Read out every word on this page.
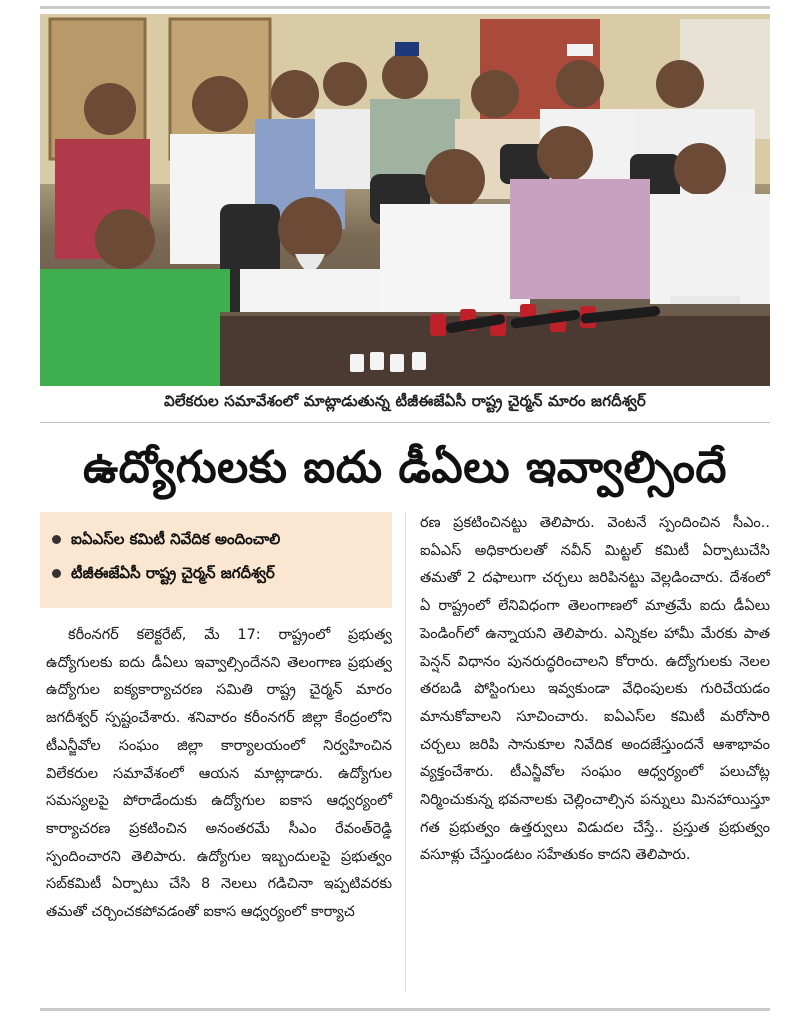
విలేకరుల సమావేశంలో మాట్లాడుతున్న టీజీఈజేఏసీ రాష్ట్ర చైర్మన్ మారం జగదీశ్వర్
ఉద్యోగులకు ఐదు డీఏలు ఇవ్వాల్సిందే
ఐఏఎస్‌ల కమిటీ నివేదిక అందించాలి
టీజీఈజేఏసీ రాష్ట్ర చైర్మన్ జగదీశ్వర్

కరీంనగర్ కలెక్టరేట్, మే 17: రాష్ట్రంలో ప్రభుత్వ ఉద్యోగులకు ఐదు డీఏలు ఇవ్వాల్సిందేనని తెలంగాణ ప్రభుత్వ ఉద్యోగుల ఐక్యకార్యాచరణ సమితి రాష్ట్ర చైర్మన్ మారం జగదీశ్వర్ స్పష్టంచేశారు. శనివారం కరీంనగర్ జిల్లా కేంద్రంలోని టీఎన్జీవోల సంఘం జిల్లా కార్యాలయంలో నిర్వహించిన విలేకరుల సమావేశంలో ఆయన మాట్లాడారు. ఉద్యోగుల సమస్యలపై పోరాడేందుకు ఉద్యోగుల ఐకాస ఆధ్వర్యంలో కార్యాచరణ ప్రకటించిన అనంతరమే సీఎం రేవంత్‌రెడ్డి స్పందించారని తెలిపారు. ఉద్యోగుల ఇబ్బందులపై ప్రభుత్వం సబ్‌కమిటీ ఏర్పాటు చేసి 8 నెలలు గడిచినా ఇప్పటివరకు తమతో చర్చించకపోవడంతో ఐకాస ఆధ్వర్యంలో కార్యాచ

రణ ప్రకటించినట్టు తెలిపారు. వెంటనే స్పందించిన సీఎం.. ఐఏఎస్ అధికారులతో నవీన్ మిట్టల్ కమిటీ ఏర్పాటుచేసి తమతో 2 దఫాలుగా చర్చలు జరిపినట్టు వెల్లడించారు. దేశంలో ఏ రాష్ట్రంలో లేనివిధంగా తెలంగాణలో మాత్రమే ఐదు డీఏలు పెండింగ్‌లో ఉన్నాయని తెలిపారు. ఎన్నికల హామీ మేరకు పాత పెన్షన్ విధానం పునరుద్ధరించాలని కోరారు. ఉద్యోగులకు నెలల తరబడి పోస్టింగులు ఇవ్వకుండా వేధింపులకు గురిచేయడం మానుకోవాలని సూచించారు. ఐఏఎస్‌ల కమిటీ మరోసారి చర్చలు జరిపి సానుకూల నివేదిక అందజేస్తుందనే ఆశాభావం వ్యక్తంచేశారు. టీఎన్జీవోల సంఘం ఆధ్వర్యంలో పలుచోట్ల నిర్మించుకున్న భవనాలకు చెల్లించాల్సిన పన్నులు మినహాయిస్తూ గత ప్రభుత్వం ఉత్తర్వులు విడుదల చేస్తే.. ప్రస్తుత ప్రభుత్వం వసూళ్లు చేస్తుండటం సహేతుకం కాదని తెలిపారు.
